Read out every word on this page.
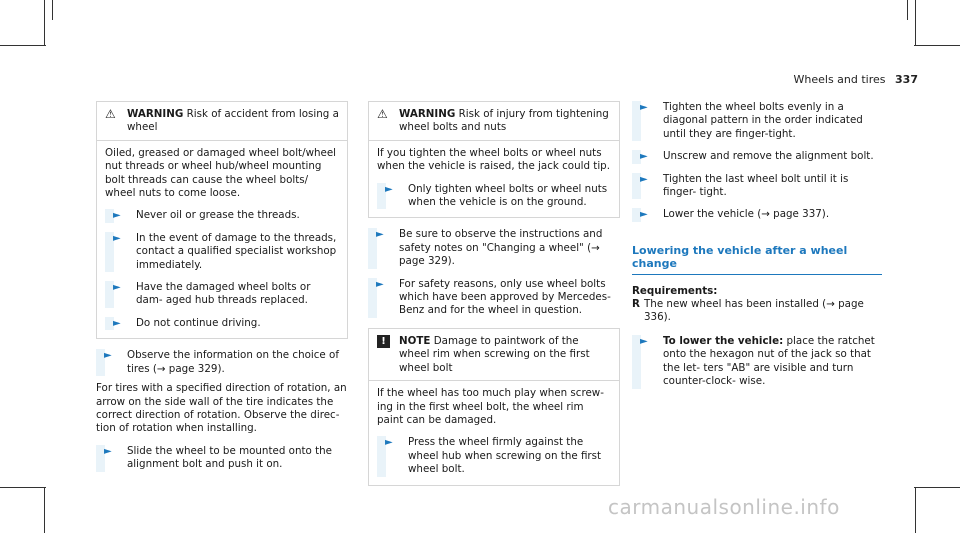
Wheels and tires 337
⚠	WARNING Risk of accident from losing a wheel

Oiled, greased or damaged wheel bolt/wheel nut threads or wheel hub/wheel mounting bolt threads can cause the wheel bolts/ wheel nuts to come loose.

►	Never oil or grease the threads.
►	In the event of damage to the threads, contact a qualified specialist workshop immediately.
►	Have the damaged wheel bolts or dam- aged hub threads replaced.
►	Do not continue driving.
►	Observe the information on the choice of tires (→ page 329).

For tires with a specified direction of rotation, an arrow on the side wall of the tire indicates the correct direction of rotation. Observe the direc- tion of rotation when installing.

►	Slide the wheel to be mounted onto the alignment bolt and push it on.
⚠	WARNING Risk of injury from tightening wheel bolts and nuts

If you tighten the wheel bolts or wheel nuts when the vehicle is raised, the jack could tip.

►	Only tighten wheel bolts or wheel nuts when the vehicle is on the ground.
►	Be sure to observe the instructions and safety notes on "Changing a wheel" (→ page 329).
►	For safety reasons, only use wheel bolts which have been approved by Mercedes- Benz and for the wheel in question.
!	NOTE Damage to paintwork of the wheel rim when screwing on the first wheel bolt

If the wheel has too much play when screw- ing in the first wheel bolt, the wheel rim paint can be damaged.

►	Press the wheel firmly against the wheel hub when screwing on the first wheel bolt.
►	Tighten the wheel bolts evenly in a diagonal pattern in the order indicated until they are finger-tight.
►	Unscrew and remove the alignment bolt.
►	Tighten the last wheel bolt until it is finger- tight.
►	Lower the vehicle (→ page 337).
Lowering the vehicle after a wheel change
Requirements:
R The new wheel has been installed (→ page 336).
►	To lower the vehicle: place the ratchet onto the hexagon nut of the jack so that the let- ters "AB" are visible and turn counter-clock- wise.
carmanualsonline.info
